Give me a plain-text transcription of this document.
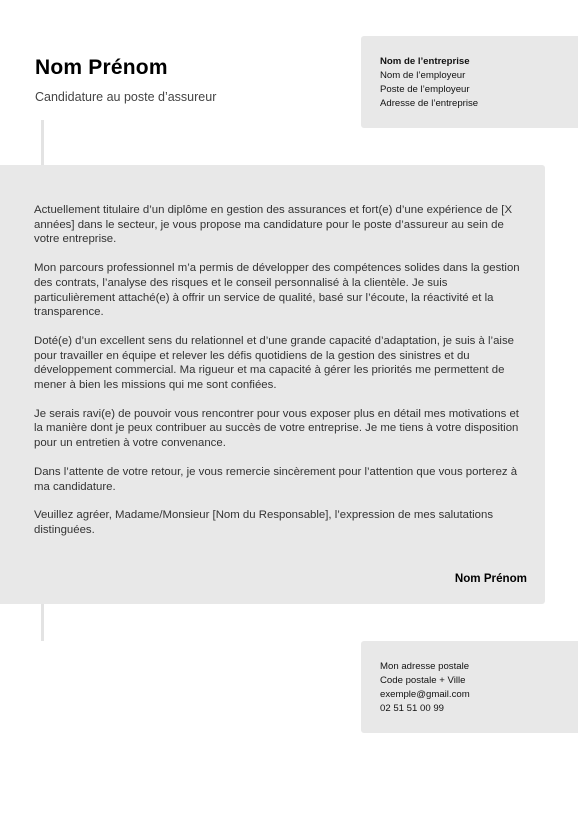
Nom Prénom
Candidature au poste d’assureur
Nom de l’entreprise
Nom de l’employeur
Poste de l’employeur
Adresse de l’entreprise

Actuellement titulaire d’un diplôme en gestion des assurances et fort(e) d’une expérience de [X années] dans le secteur, je vous propose ma candidature pour le poste d’assureur au sein de votre entreprise.

Mon parcours professionnel m’a permis de développer des compétences solides dans la gestion des contrats, l’analyse des risques et le conseil personnalisé à la clientèle. Je suis particulièrement attaché(e) à offrir un service de qualité, basé sur l’écoute, la réactivité et la transparence.

Doté(e) d’un excellent sens du relationnel et d’une grande capacité d’adaptation, je suis à l’aise pour travailler en équipe et relever les défis quotidiens de la gestion des sinistres et du développement commercial. Ma rigueur et ma capacité à gérer les priorités me permettent de mener à bien les missions qui me sont confiées.

Je serais ravi(e) de pouvoir vous rencontrer pour vous exposer plus en détail mes motivations et la manière dont je peux contribuer au succès de votre entreprise. Je me tiens à votre disposition pour un entretien à votre convenance.

Dans l’attente de votre retour, je vous remercie sincèrement pour l’attention que vous porterez à ma candidature.

Veuillez agréer, Madame/Monsieur [Nom du Responsable], l’expression de mes salutations distinguées.

Nom Prénom
Mon adresse postale
Code postale + Ville
exemple@gmail.com
02 51 51 00 99
